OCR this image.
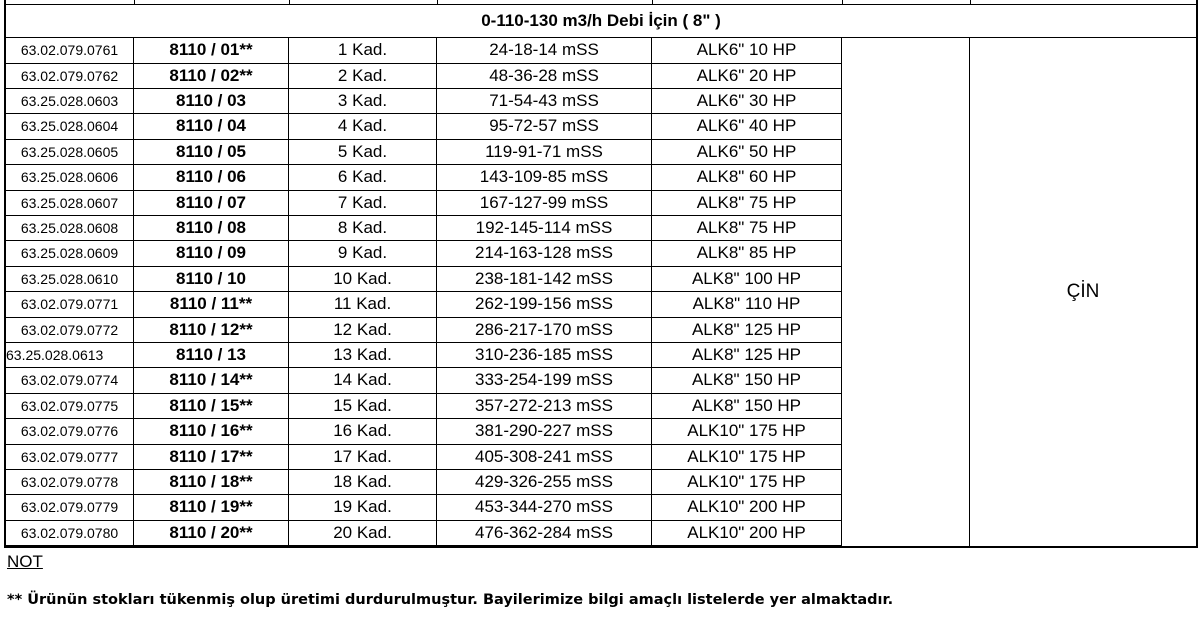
0-110-130 m3/h Debi İçin ( 8" )
63.02.079.0761	8110 / 01**	1 Kad.	24-18-14 mSS	ALK6" 10 HP
63.02.079.0762	8110 / 02**	2 Kad.	48-36-28 mSS	ALK6" 20 HP
63.25.028.0603	8110 / 03	3 Kad.	71-54-43 mSS	ALK6" 30 HP
63.25.028.0604	8110 / 04	4 Kad.	95-72-57 mSS	ALK6" 40 HP
63.25.028.0605	8110 / 05	5 Kad.	119-91-71 mSS	ALK6" 50 HP
63.25.028.0606	8110 / 06	6 Kad.	143-109-85 mSS	ALK8" 60 HP
63.25.028.0607	8110 / 07	7 Kad.	167-127-99 mSS	ALK8" 75 HP
63.25.028.0608	8110 / 08	8 Kad.	192-145-114 mSS	ALK8" 75 HP
63.25.028.0609	8110 / 09	9 Kad.	214-163-128 mSS	ALK8" 85 HP
63.25.028.0610	8110 / 10	10 Kad.	238-181-142 mSS	ALK8" 100 HP
63.02.079.0771	8110 / 11**	11 Kad.	262-199-156 mSS	ALK8" 110 HP
63.02.079.0772	8110 / 12**	12 Kad.	286-217-170 mSS	ALK8" 125 HP
63.25.028.0613	8110 / 13	13 Kad.	310-236-185 mSS	ALK8" 125 HP
63.02.079.0774	8110 / 14**	14 Kad.	333-254-199 mSS	ALK8" 150 HP
63.02.079.0775	8110 / 15**	15 Kad.	357-272-213 mSS	ALK8" 150 HP
63.02.079.0776	8110 / 16**	16 Kad.	381-290-227 mSS	ALK10" 175 HP
63.02.079.0777	8110 / 17**	17 Kad.	405-308-241 mSS	ALK10" 175 HP
63.02.079.0778	8110 / 18**	18 Kad.	429-326-255 mSS	ALK10" 175 HP
63.02.079.0779	8110 / 19**	19 Kad.	453-344-270 mSS	ALK10" 200 HP
63.02.079.0780	8110 / 20**	20 Kad.	476-362-284 mSS	ALK10" 200 HP
ÇİN
NOT
** Ürünün stokları tükenmiş olup üretimi durdurulmuştur. Bayilerimize bilgi amaçlı listelerde yer almaktadır.
